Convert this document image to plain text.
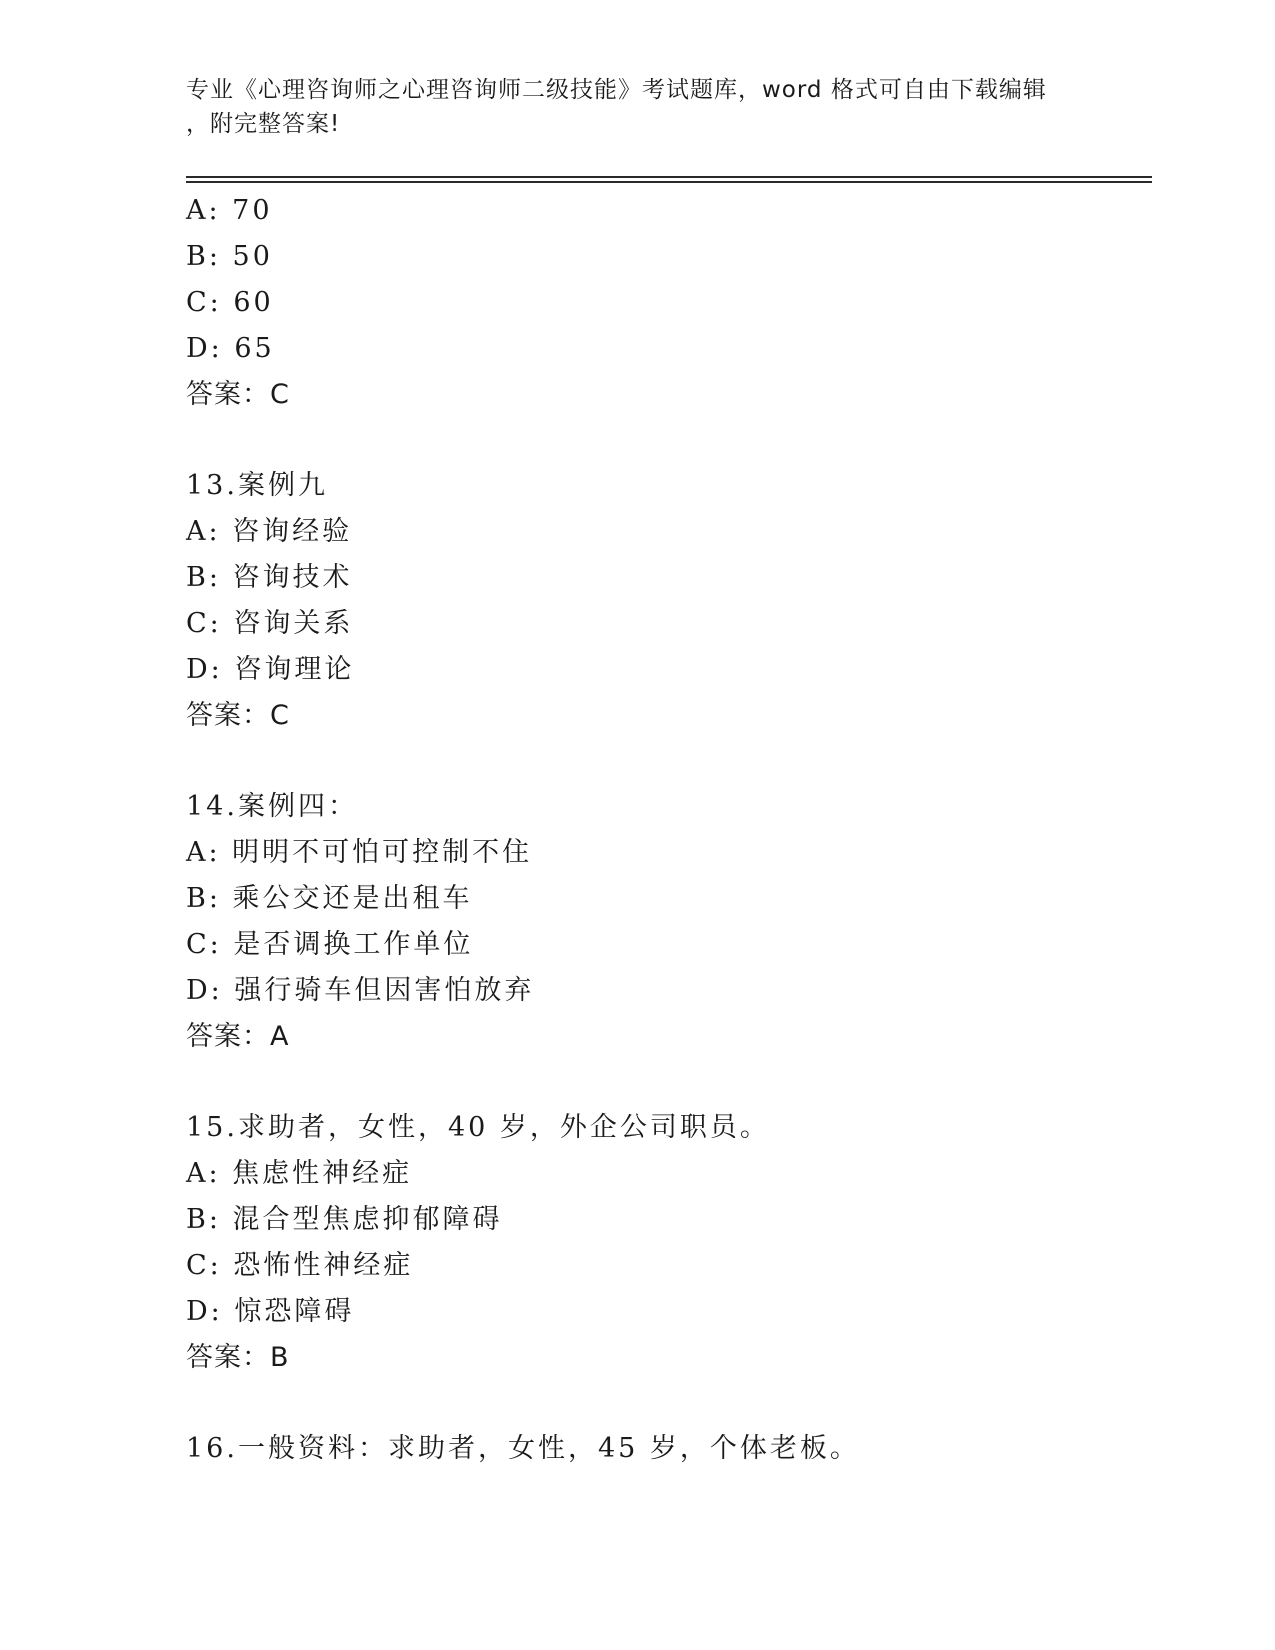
专业《心理咨询师之心理咨询师二级技能》考试题库，word 格式可自由下载编辑
，附完整答案!
A: 70
B: 50
C: 60
D: 65
答案：C
13.案例九
A: 咨询经验
B: 咨询技术
C: 咨询关系
D: 咨询理论
答案：C
14.案例四：
A: 明明不可怕可控制不住
B: 乘公交还是出租车
C: 是否调换工作单位
D: 强行骑车但因害怕放弃
答案：A
15.求助者，女性，40 岁，外企公司职员。
A: 焦虑性神经症
B: 混合型焦虑抑郁障碍
C: 恐怖性神经症
D: 惊恐障碍
答案：B
16.一般资料：求助者，女性，45 岁，个体老板。
